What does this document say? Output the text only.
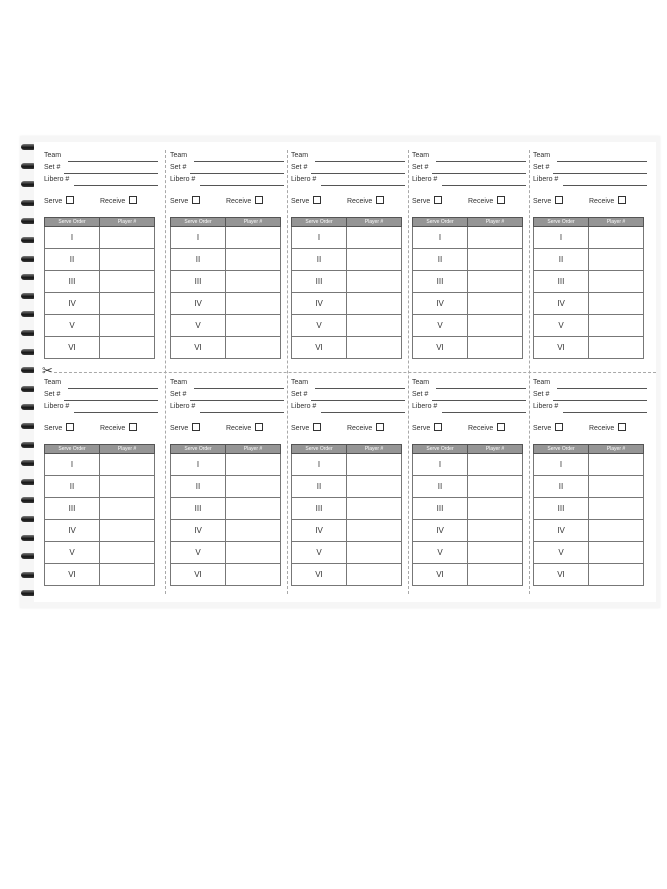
✂
Team
Set #
Libero #
Serve	Receive
Serve Order	Player #
I	
II	
III	
IV	
V	
VI	
Team
Set #
Libero #
Serve	Receive
Serve Order	Player #
I	
II	
III	
IV	
V	
VI	
Team
Set #
Libero #
Serve	Receive
Serve Order	Player #
I	
II	
III	
IV	
V	
VI	
Team
Set #
Libero #
Serve	Receive
Serve Order	Player #
I	
II	
III	
IV	
V	
VI	
Team
Set #
Libero #
Serve	Receive
Serve Order	Player #
I	
II	
III	
IV	
V	
VI	
Team
Set #
Libero #
Serve	Receive
Serve Order	Player #
I	
II	
III	
IV	
V	
VI	
Team
Set #
Libero #
Serve	Receive
Serve Order	Player #
I	
II	
III	
IV	
V	
VI	
Team
Set #
Libero #
Serve	Receive
Serve Order	Player #
I	
II	
III	
IV	
V	
VI	
Team
Set #
Libero #
Serve	Receive
Serve Order	Player #
I	
II	
III	
IV	
V	
VI	
Team
Set #
Libero #
Serve	Receive
Serve Order	Player #
I	
II	
III	
IV	
V	
VI	
